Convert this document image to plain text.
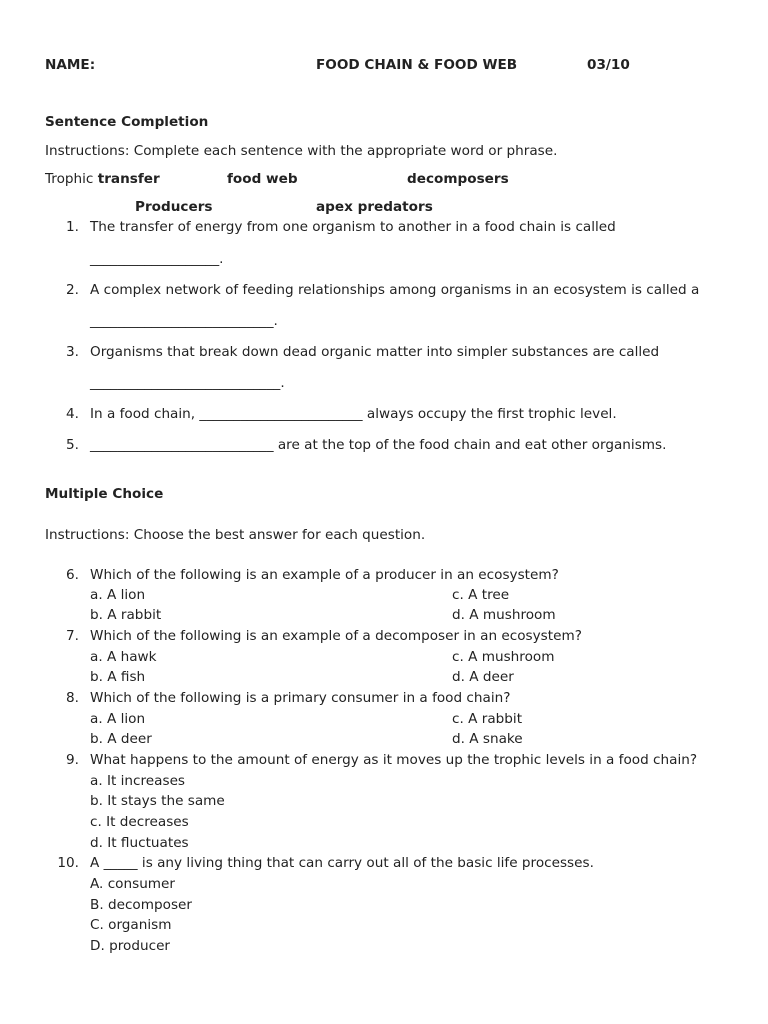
NAME:	FOOD CHAIN & FOOD WEB	03/10
Sentence Completion
Instructions: Complete each sentence with the appropriate word or phrase.
Trophic transfer	food web	decomposers
Producers	apex predators
1. The transfer of energy from one organism to another in a food chain is called
___________________.
2. A complex network of feeding relationships among organisms in an ecosystem is called a
___________________________.
3. Organisms that break down dead organic matter into simpler substances are called
____________________________.
4. In a food chain, ________________________ always occupy the first trophic level.
5. ___________________________ are at the top of the food chain and eat other organisms.
Multiple Choice
Instructions: Choose the best answer for each question.
6. Which of the following is an example of a producer in an ecosystem?
a. A lion	c. A tree
b. A rabbit	d. A mushroom
7. Which of the following is an example of a decomposer in an ecosystem?
a. A hawk	c. A mushroom
b. A fish	d. A deer
8. Which of the following is a primary consumer in a food chain?
a. A lion	c. A rabbit
b. A deer	d. A snake
9. What happens to the amount of energy as it moves up the trophic levels in a food chain?
a. It increases
b. It stays the same
c. It decreases
d. It fluctuates
10. A _____ is any living thing that can carry out all of the basic life processes.
A. consumer
B. decomposer
C. organism
D. producer
